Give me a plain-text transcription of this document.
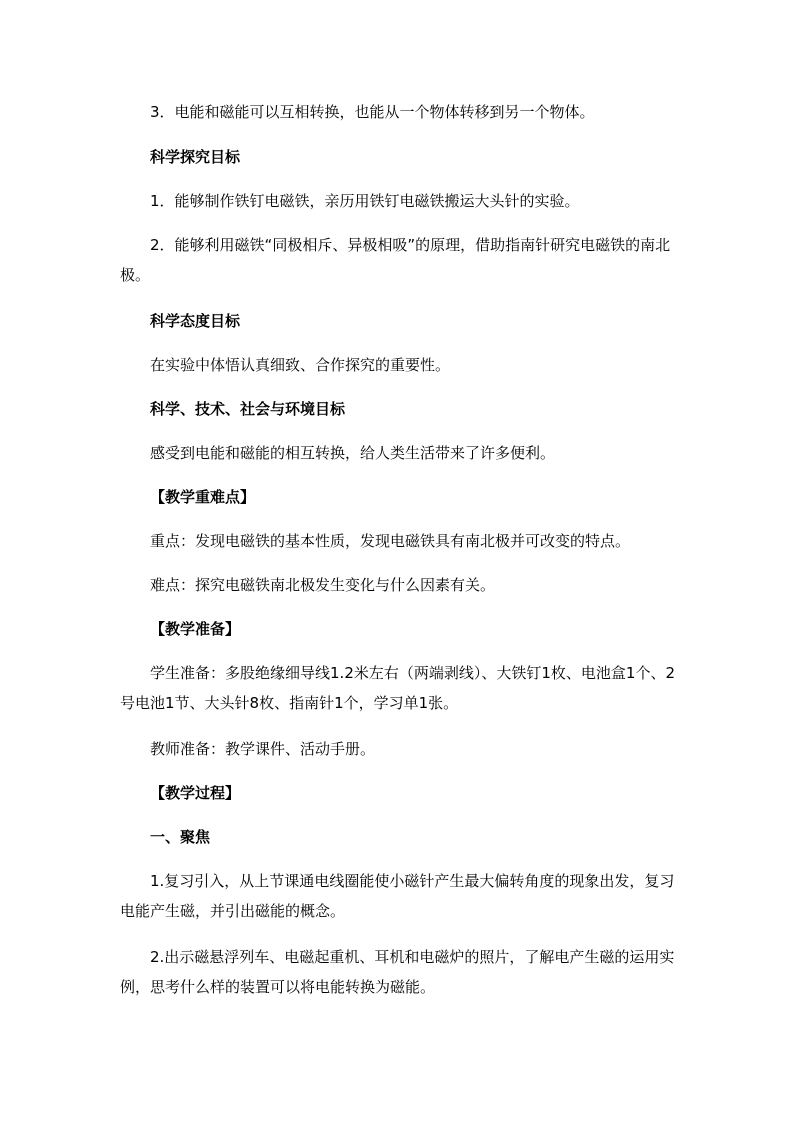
3．电能和磁能可以互相转换，也能从一个物体转移到另一个物体。

科学探究目标

1．能够制作铁钉电磁铁，亲历用铁钉电磁铁搬运大头针的实验。

2．能够利用磁铁“同极相斥、异极相吸”的原理，借助指南针研究电磁铁的南北极。

科学态度目标

在实验中体悟认真细致、合作探究的重要性。

科学、技术、社会与环境目标

感受到电能和磁能的相互转换，给人类生活带来了许多便利。

【教学重难点】

重点：发现电磁铁的基本性质，发现电磁铁具有南北极并可改变的特点。

难点：探究电磁铁南北极发生变化与什么因素有关。

【教学准备】

学生准备：多股绝缘细导线1.2米左右（两端剥线）、大铁钉1枚、电池盒1个、2号电池1节、大头针8枚、指南针1个，学习单1张。

教师准备：教学课件、活动手册。

【教学过程】

一、聚焦

1.复习引入，从上节课通电线圈能使小磁针产生最大偏转角度的现象出发，复习电能产生磁，并引出磁能的概念。

2.出示磁悬浮列车、电磁起重机、耳机和电磁炉的照片，了解电产生磁的运用实例，思考什么样的装置可以将电能转换为磁能。
